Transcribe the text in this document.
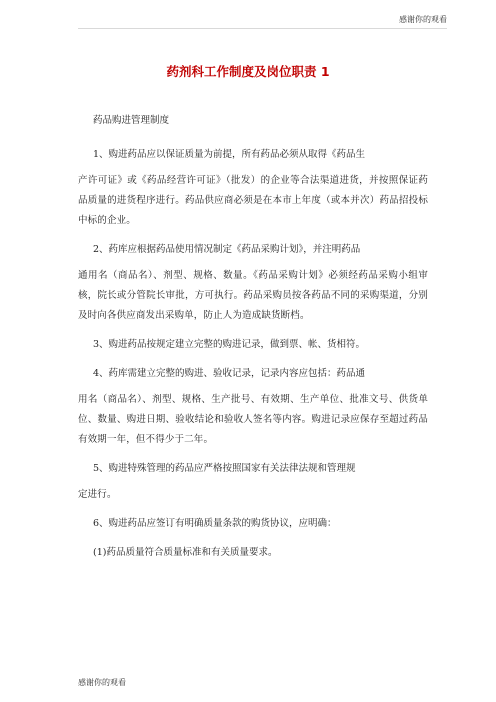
感谢你的观看
药剂科工作制度及岗位职责 1

药品购进管理制度

1、购进药品应以保证质量为前提，所有药品必须从取得《药品生

产许可证》或《药品经营许可证》（批发）的企业等合法渠道进货，并按照保证药品质量的进货程序进行。药品供应商必须是在本市上年度（或本并次）药品招投标中标的企业。

2、药库应根据药品使用情况制定《药品采购计划》，并注明药品

通用名（商品名）、剂型、规格、数量。《药品采购计划》必须经药品采购小组审核，院长或分管院长审批，方可执行。药品采购员按各药品不同的采购渠道，分别及时向各供应商发出采购单，防止人为造成缺货断档。

3、购进药品按规定建立完整的购进记录，做到票、帐、货相符。

4、药库需建立完整的购进、验收记录，记录内容应包括：药品通

用名（商品名）、剂型、规格、生产批号、有效期、生产单位、批准文号、供货单位、数量、购进日期、验收结论和验收人签名等内容。购进记录应保存至超过药品有效期一年，但不得少于二年。

5、购进特殊管理的药品应严格按照国家有关法律法规和管理规

定进行。

6、购进药品应签订有明确质量条款的购货协议，应明确：

(1)药品质量符合质量标准和有关质量要求。

感谢你的观看
